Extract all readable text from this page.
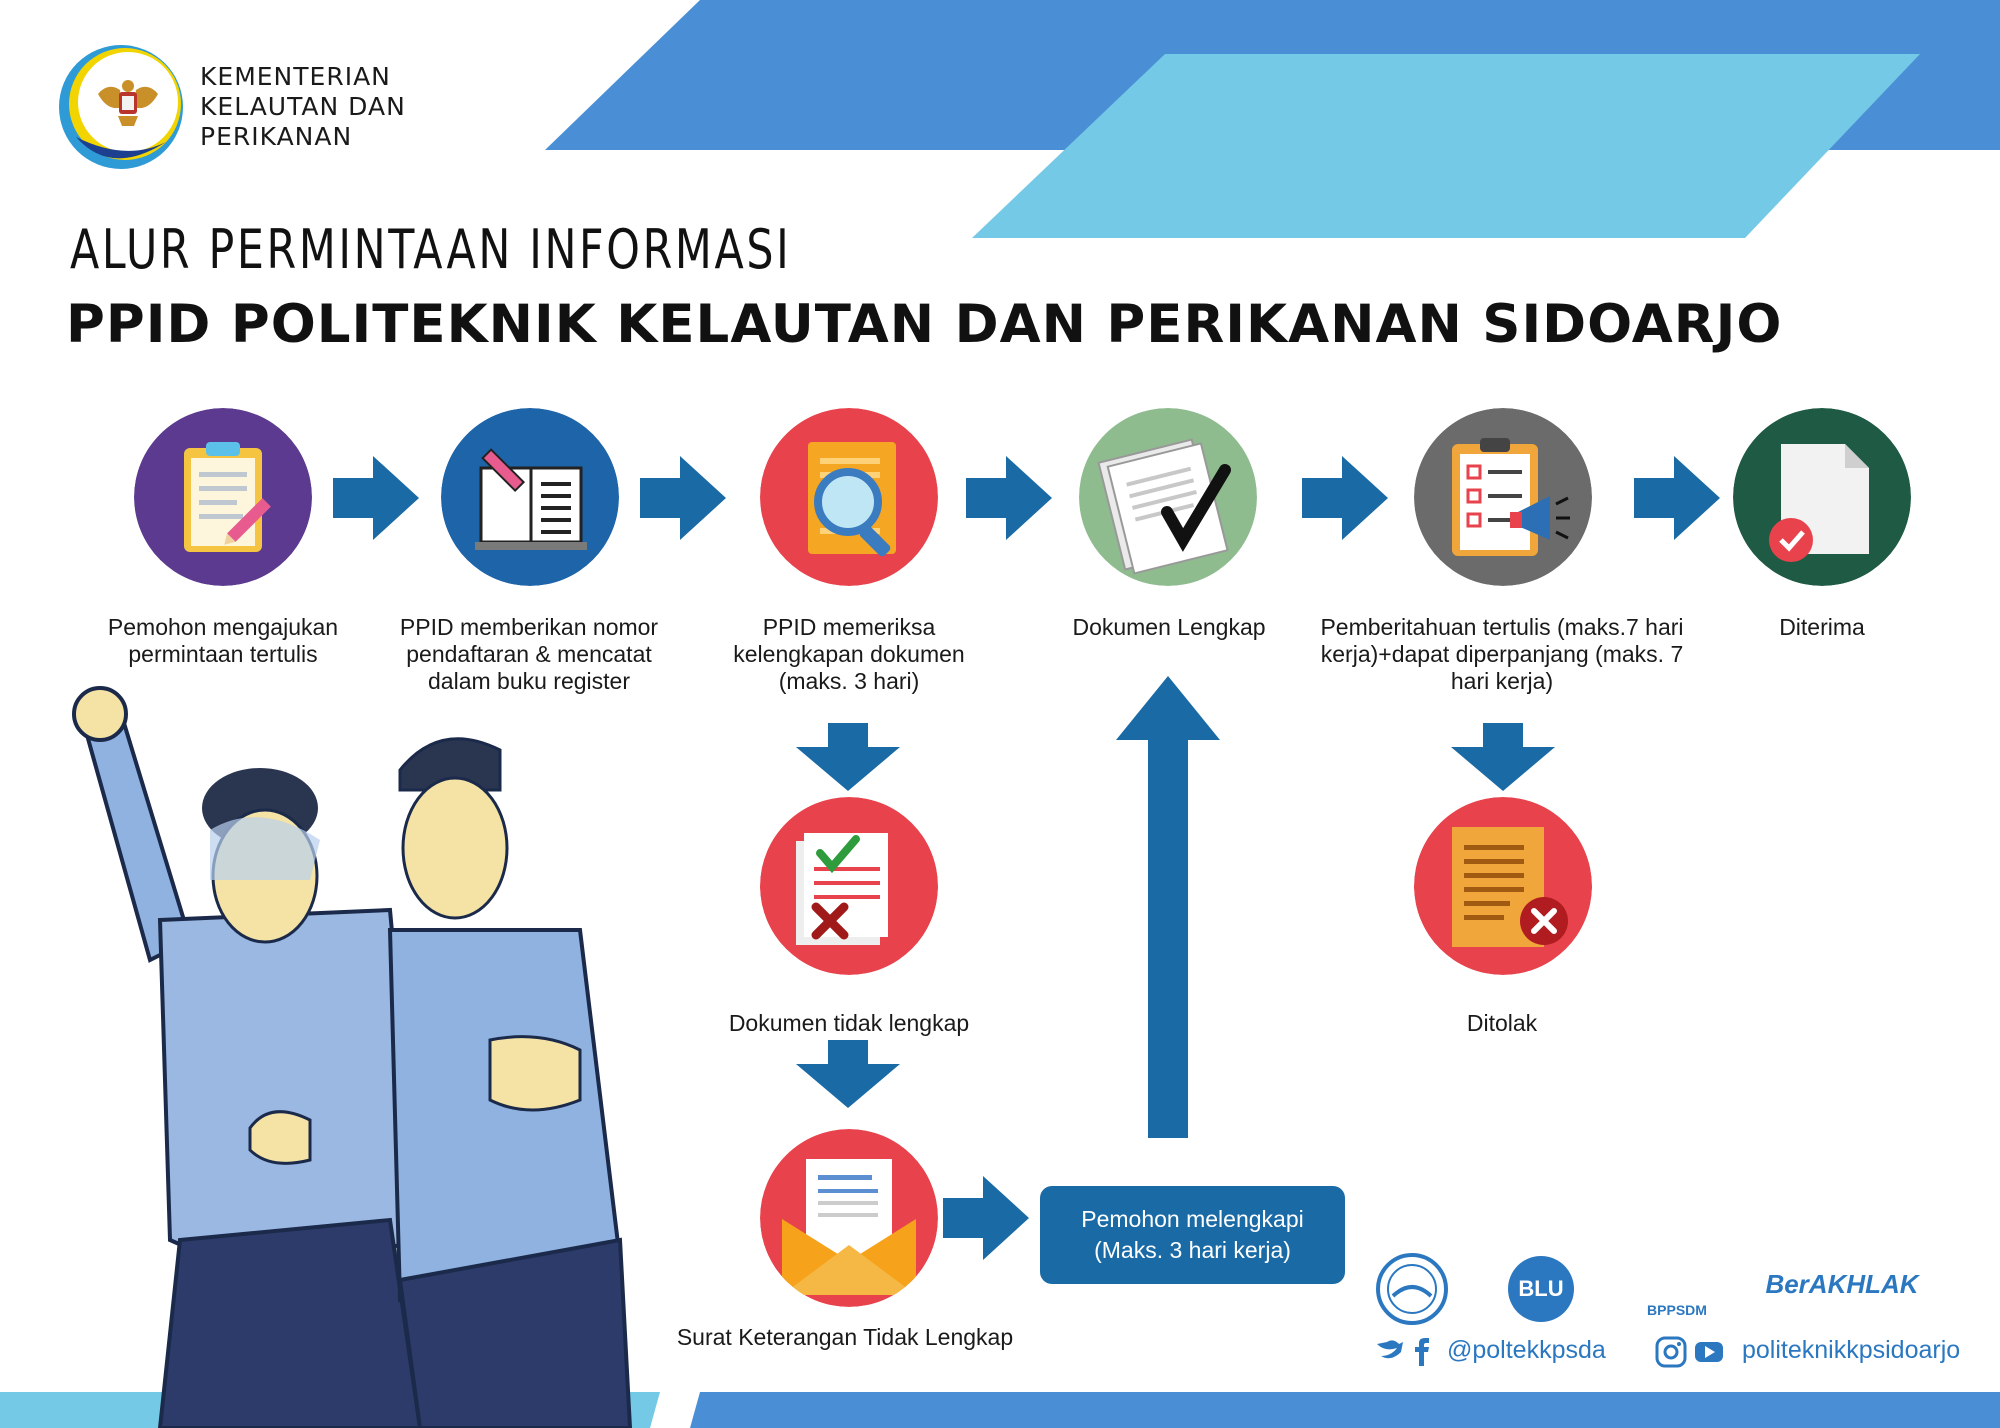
KEMENTERIAN
KELAUTAN DAN
PERIKANAN
ALUR PERMINTAAN INFORMASI
PPID POLITEKNIK KELAUTAN DAN PERIKANAN SIDOARJO
Pemohon mengajukan permintaan tertulis
PPID memberikan nomor pendaftaran & mencatat dalam buku register
PPID memeriksa kelengkapan dokumen (maks. 3 hari)
Dokumen Lengkap	Pemberitahuan tertulis (maks.7 hari kerja)+dapat diperpanjang (maks. 7 hari kerja)
Diterima
Dokumen tidak lengkap	Ditolak
Surat Keterangan Tidak Lengkap
Pemohon melengkapi
(Maks. 3 hari kerja)
BLU
BPPSDM
BerAKHLAK
@poltekkpsda	politeknikkpsidoarjo
